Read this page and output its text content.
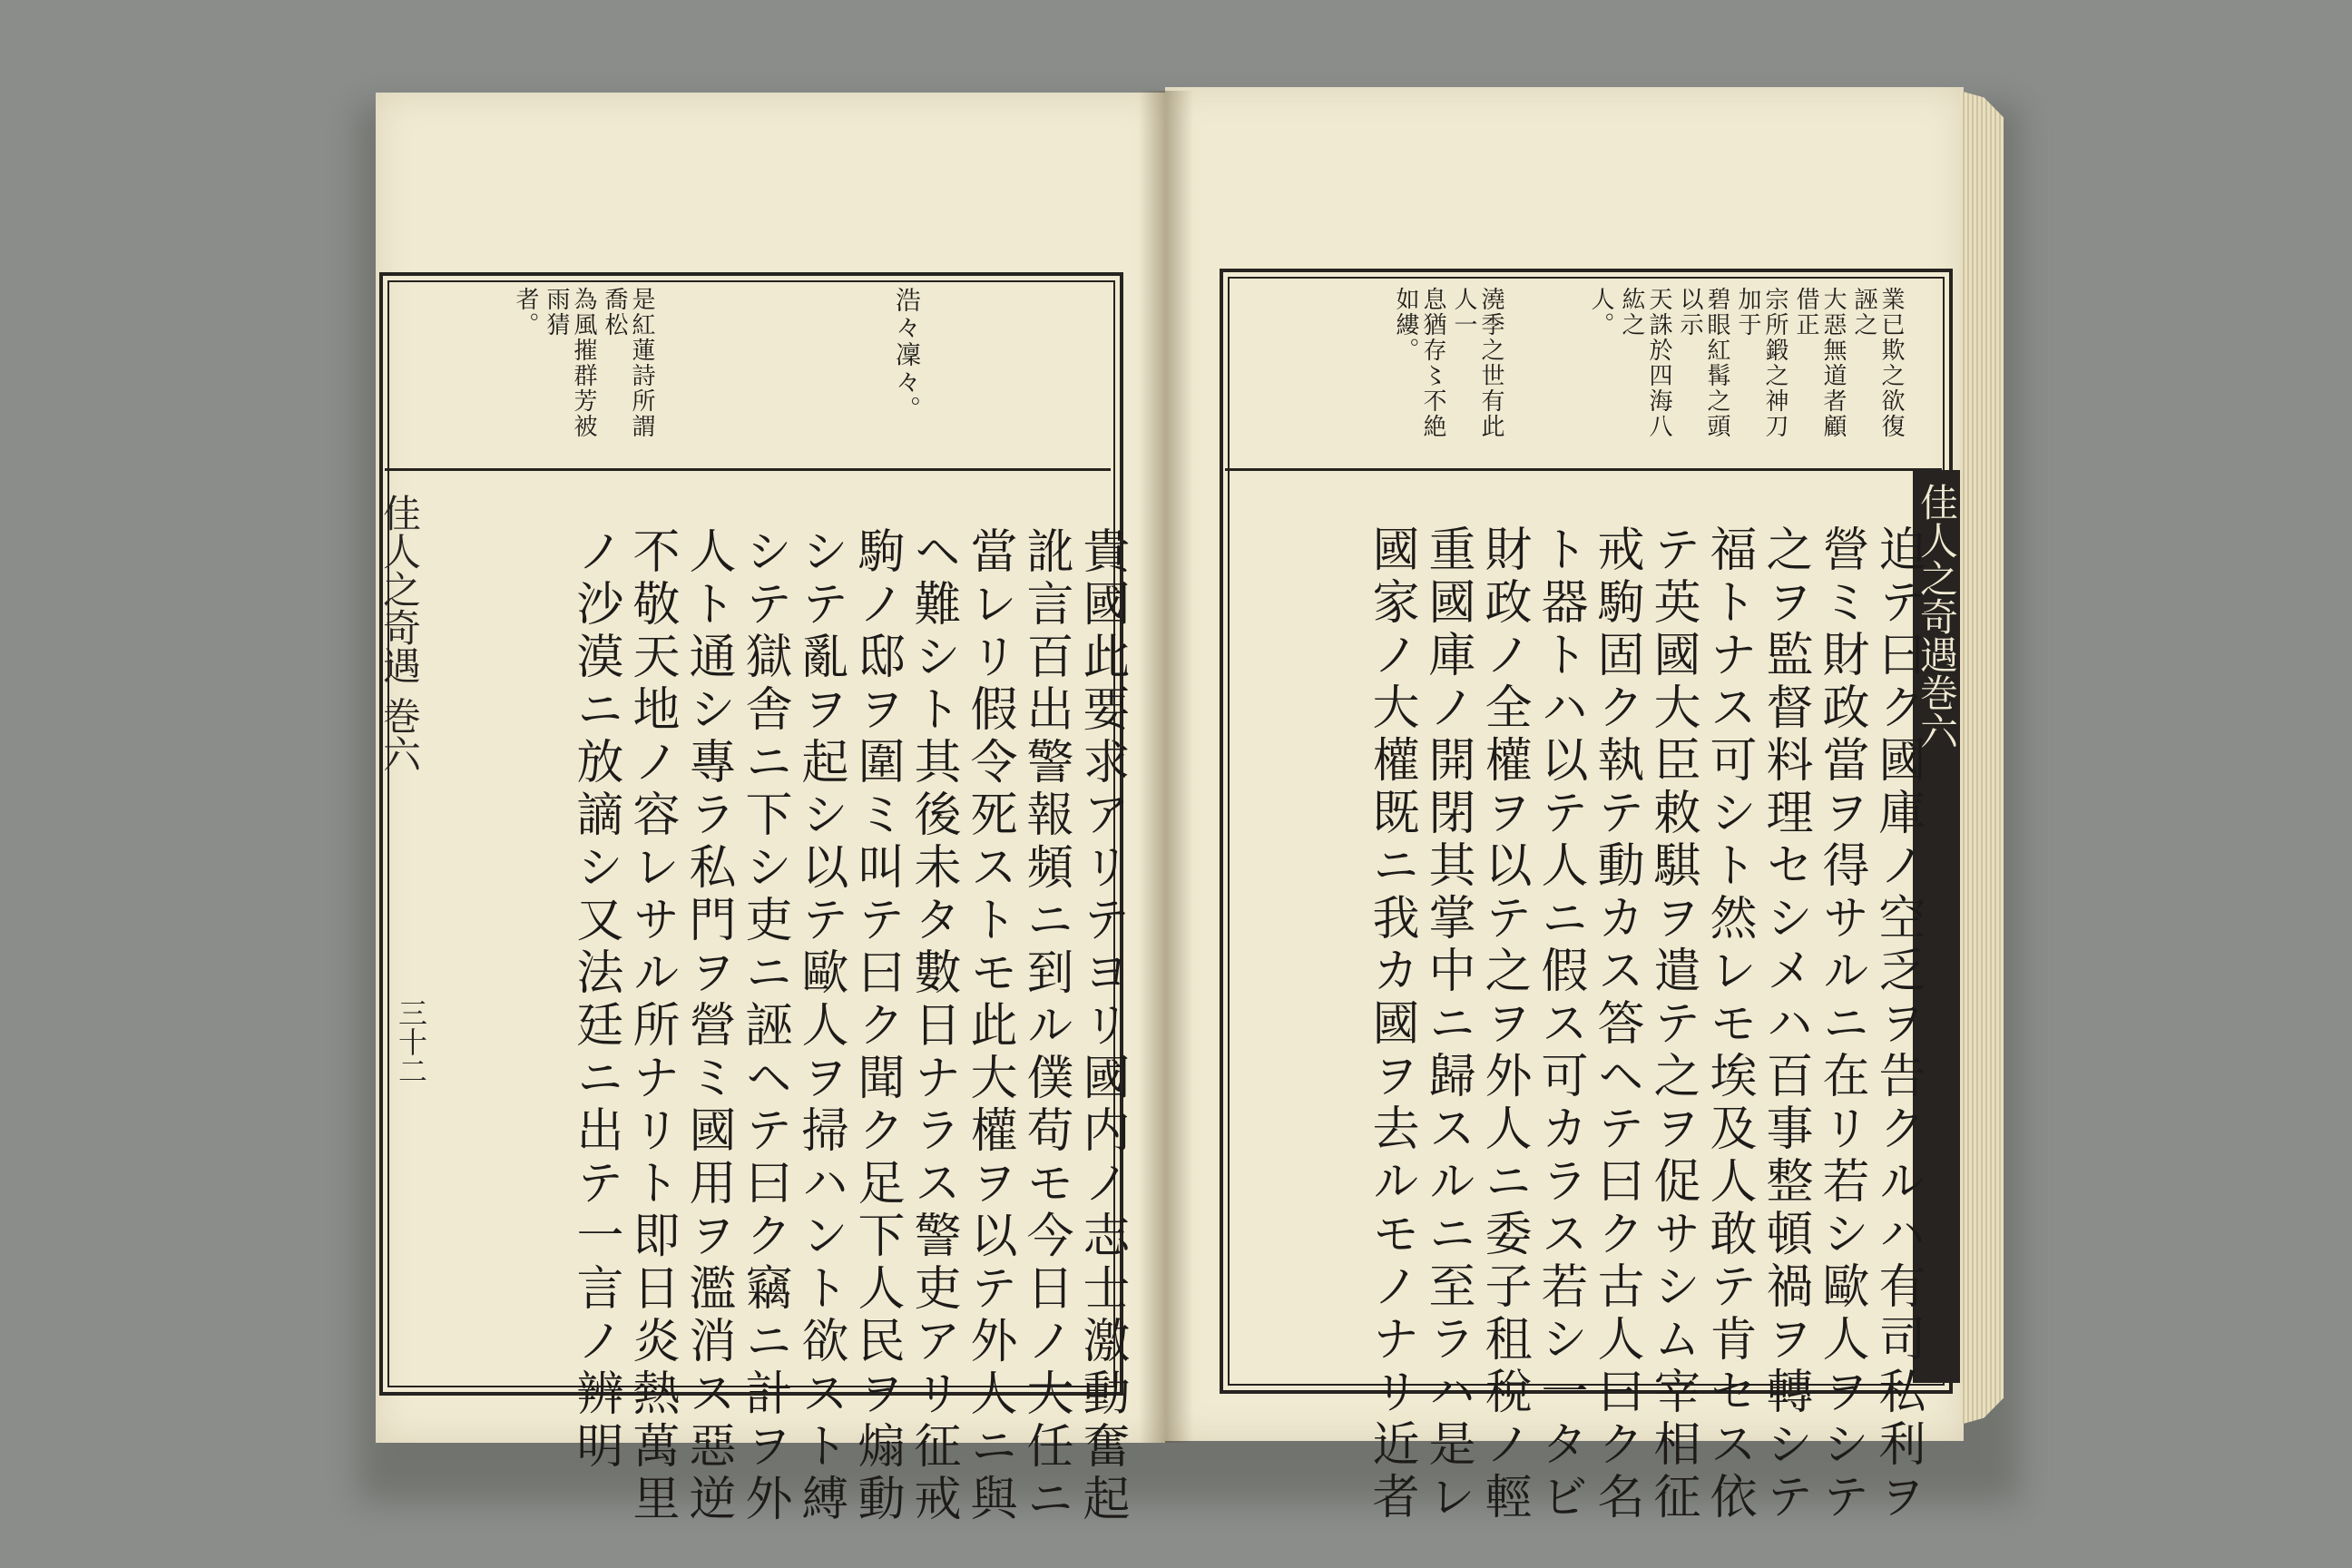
是紅蓮詩所謂喬松
為風摧群芳被雨猜
者。	浩々凜々。	澆季之世有此人一
息猶存〻不絶如縷。	業已欺之欲復誣之
大惡無道者顧借正
宗所鍛之神刀加于
碧眼紅髯之頭以示
天誅於四海八紘之
人。
佳人之奇遇 巻六
三十二
佳人之奇遇巻六
貴國此要求アリテヨリ國内ノ志士激動奮起
訛言百出警報頻ニ到ル僕苟モ今日ノ大任ニ
當レリ假令死ストモ此大權ヲ以テ外人ニ與
ヘ難シト其後未タ數日ナラス警吏アリ征戒
駒ノ邸ヲ圍ミ叫テ曰ク聞ク足下人民ヲ煽動
シテ亂ヲ起シ以テ歐人ヲ掃ハント欲スト縛
シテ獄舎ニ下シ吏ニ誣ヘテ曰ク竊ニ計ヲ外
人ト通シ專ラ私門ヲ營ミ國用ヲ濫消ス惡逆
不敬天地ノ容レサル所ナリト即日炎熱萬里
ノ沙漠ニ放謫シ又法廷ニ出テ一言ノ辨明	迫テ曰ク國庫ノ空乏ヲ告クルハ有司私利ヲ
營ミ財政當ヲ得サルニ在リ若シ歐人ヲシテ
之ヲ監督料理セシメハ百事整頓禍ヲ轉シテ
福トナス可シト然レモ埃及人敢テ肯セス依
テ英國大臣敕騏ヲ遣テ之ヲ促サシム宰相征
戒駒固ク執テ動カス答ヘテ曰ク古人曰ク名
ト器トハ以テ人ニ假ス可カラス若シ一タビ
財政ノ全權ヲ以テ之ヲ外人ニ委子租稅ノ輕
重國庫ノ開閉其掌中ニ歸スルニ至ラハ是レ
國家ノ大權既ニ我カ國ヲ去ルモノナリ近者
